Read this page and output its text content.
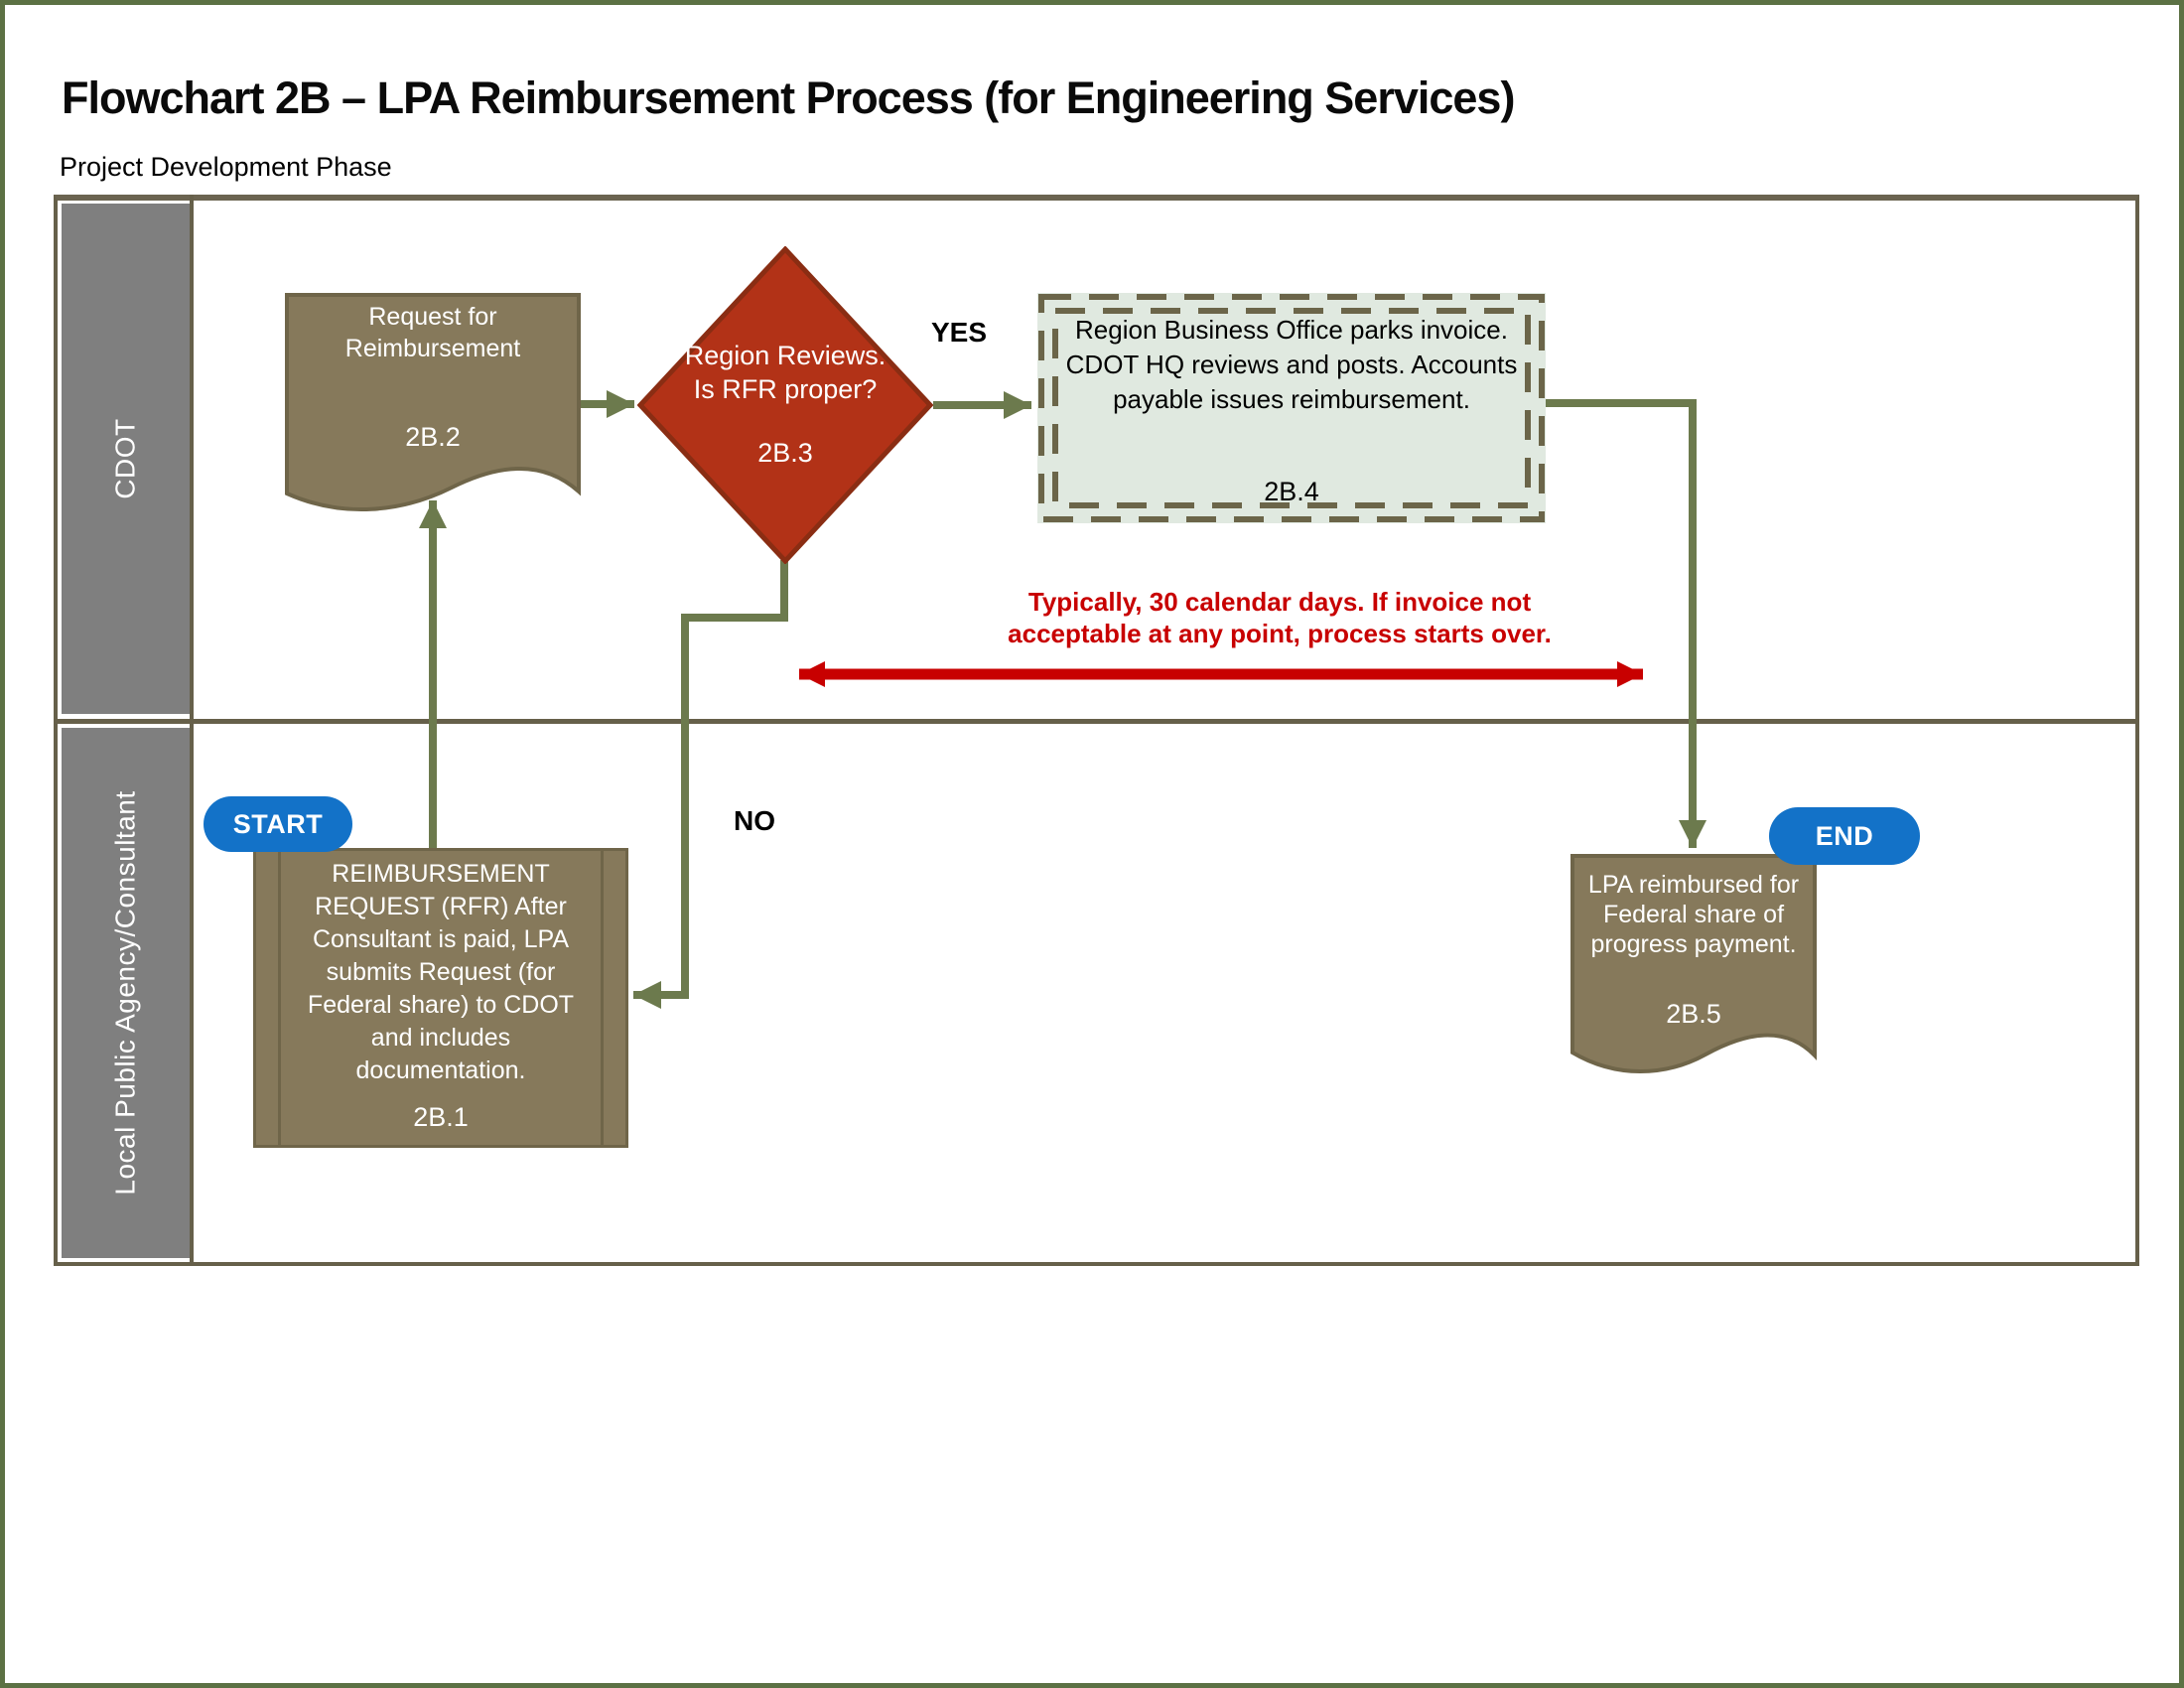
Flowchart 2B – LPA Reimbursement Process (for Engineering Services)
Project Development Phase
CDOT
Local Public Agency/Consultant
Request for Reimbursement
2B.2
Region Reviews.
Is RFR proper?
2B.3
Region Business Office parks invoice. CDOT HQ reviews and posts. Accounts payable issues reimbursement.
2B.4
REIMBURSEMENT REQUEST (RFR) After Consultant is paid, LPA submits Request (for Federal share) to CDOT and includes documentation.
2B.1
LPA reimbursed for Federal share of progress payment.
2B.5
START	END
YES
NO
Typically, 30 calendar days. If invoice not acceptable at any point, process starts over.
